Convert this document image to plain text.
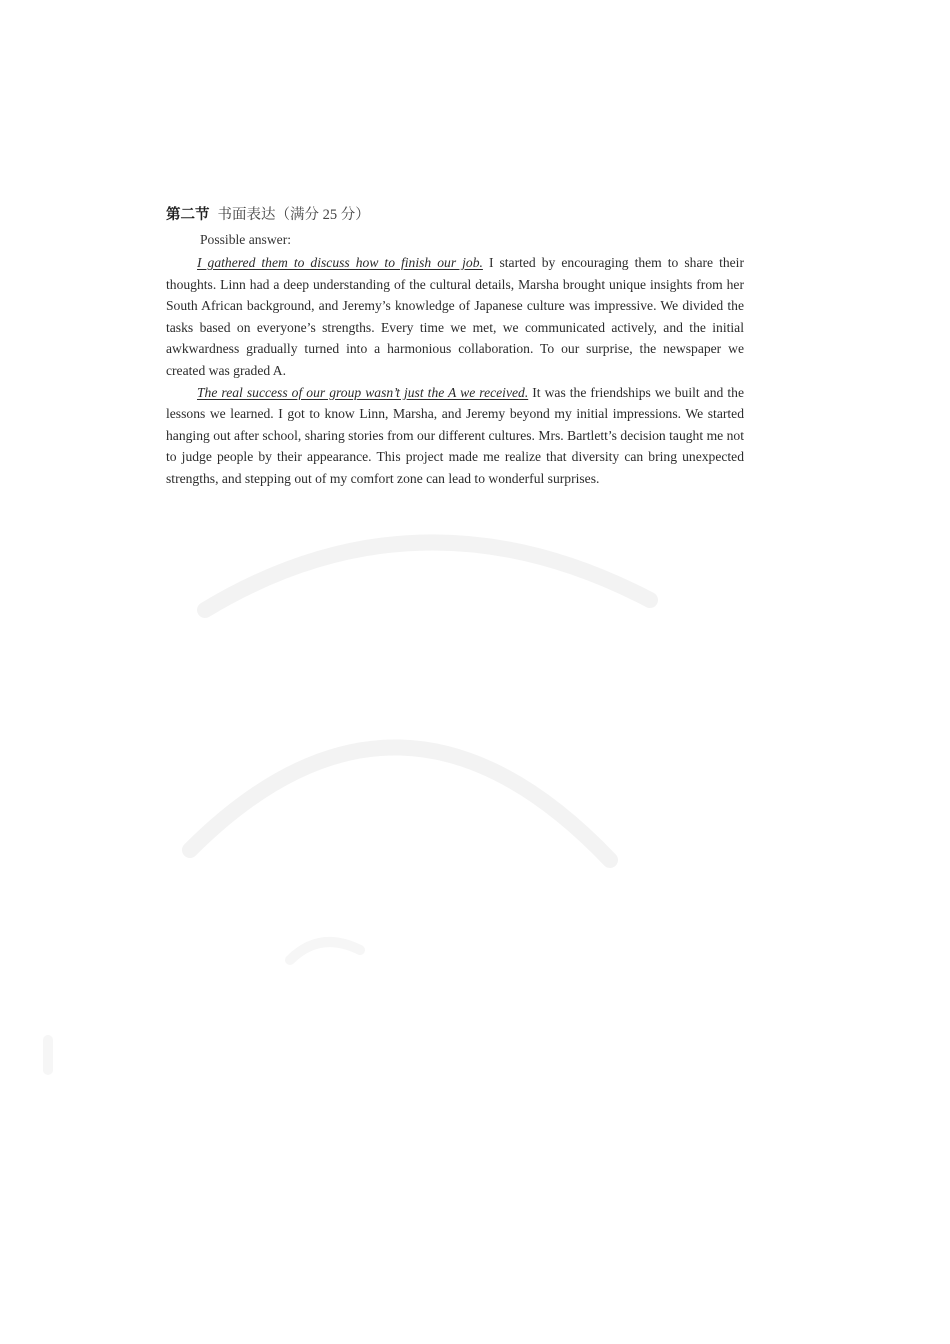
第二节 书面表达（满分 25 分）
Possible answer:

I gathered them to discuss how to finish our job. I started by encouraging them to share their thoughts. Linn had a deep understanding of the cultural details, Marsha brought unique insights from her South African background, and Jeremy’s knowledge of Japanese culture was impressive. We divided the tasks based on everyone’s strengths. Every time we met, we communicated actively, and the initial awkwardness gradually turned into a harmonious collaboration. To our surprise, the newspaper we created was graded A.

The real success of our group wasn’t just the A we received. It was the friendships we built and the lessons we learned. I got to know Linn, Marsha, and Jeremy beyond my initial impressions. We started hanging out after school, sharing stories from our different cultures. Mrs. Bartlett’s decision taught me not to judge people by their appearance. This project made me realize that diversity can bring unexpected strengths, and stepping out of my comfort zone can lead to wonderful surprises.
